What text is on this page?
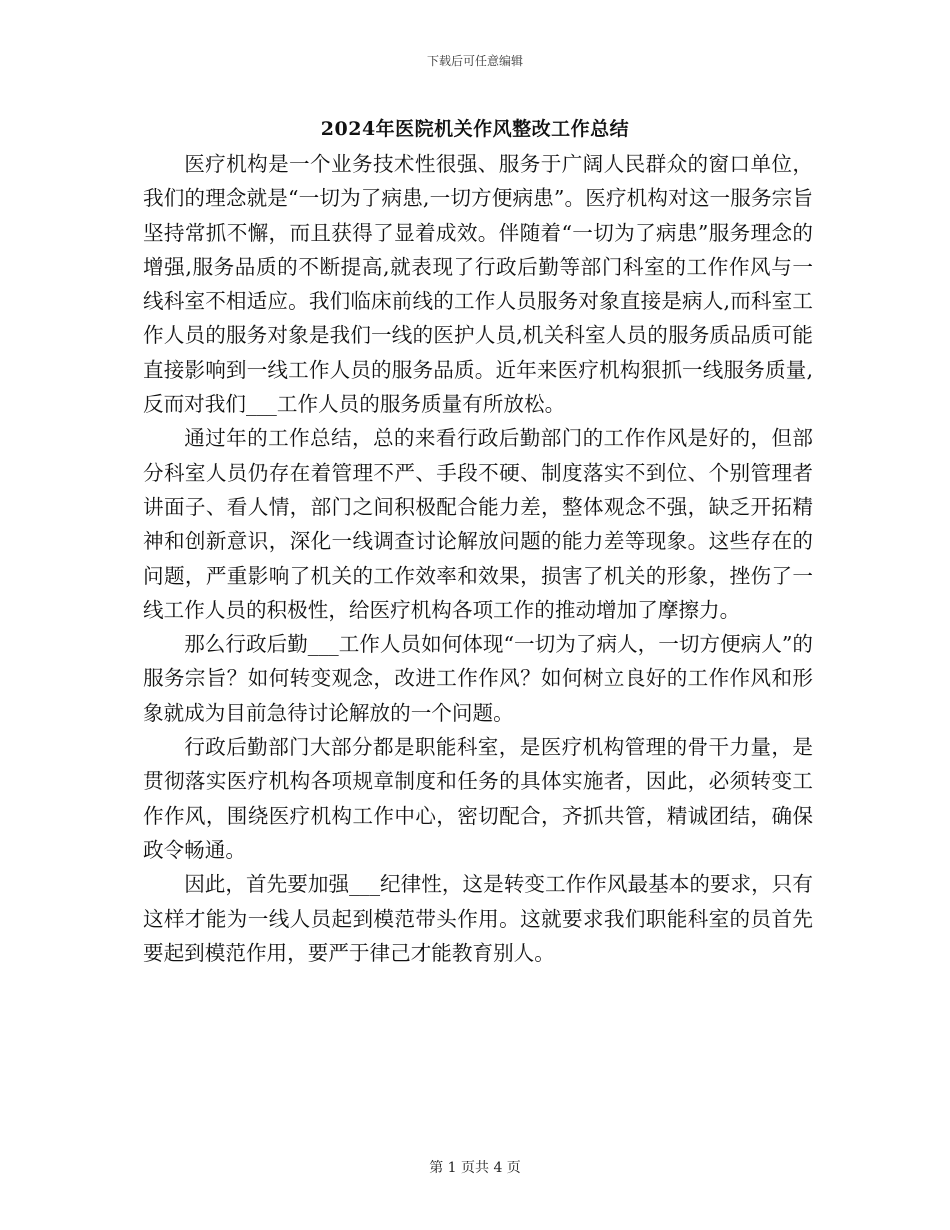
下载后可任意编辑
2024年医院机关作风整改工作总结

医疗机构是一个业务技术性很强、服务于广阔人民群众的窗口单位，我们的理念就是“一切为了病患,一切方便病患”。医疗机构对这一服务宗旨坚持常抓不懈，而且获得了显着成效。伴随着“一切为了病患”服务理念的增强,服务品质的不断提高,就表现了行政后勤等部门科室的工作作风与一线科室不相适应。我们临床前线的工作人员服务对象直接是病人,而科室工作人员的服务对象是我们一线的医护人员,机关科室人员的服务质品质可能直接影响到一线工作人员的服务品质。近年来医疗机构狠抓一线服务质量,反而对我们___工作人员的服务质量有所放松。

通过年的工作总结，总的来看行政后勤部门的工作作风是好的，但部分科室人员仍存在着管理不严、手段不硬、制度落实不到位、个别管理者讲面子、看人情，部门之间积极配合能力差，整体观念不强，缺乏开拓精神和创新意识，深化一线调查讨论解放问题的能力差等现象。这些存在的问题，严重影响了机关的工作效率和效果，损害了机关的形象，挫伤了一线工作人员的积极性，给医疗机构各项工作的推动增加了摩擦力。

那么行政后勤___工作人员如何体现“一切为了病人，一切方便病人”的服务宗旨？如何转变观念，改进工作作风？如何树立良好的工作作风和形象就成为目前急待讨论解放的一个问题。

行政后勤部门大部分都是职能科室，是医疗机构管理的骨干力量，是贯彻落实医疗机构各项规章制度和任务的具体实施者，因此，必须转变工作作风，围绕医疗机构工作中心，密切配合，齐抓共管，精诚团结，确保政令畅通。

因此，首先要加强___纪律性，这是转变工作作风最基本的要求，只有这样才能为一线人员起到模范带头作用。这就要求我们职能科室的员首先要起到模范作用，要严于律己才能教育别人。

第 1 页共 4 页
